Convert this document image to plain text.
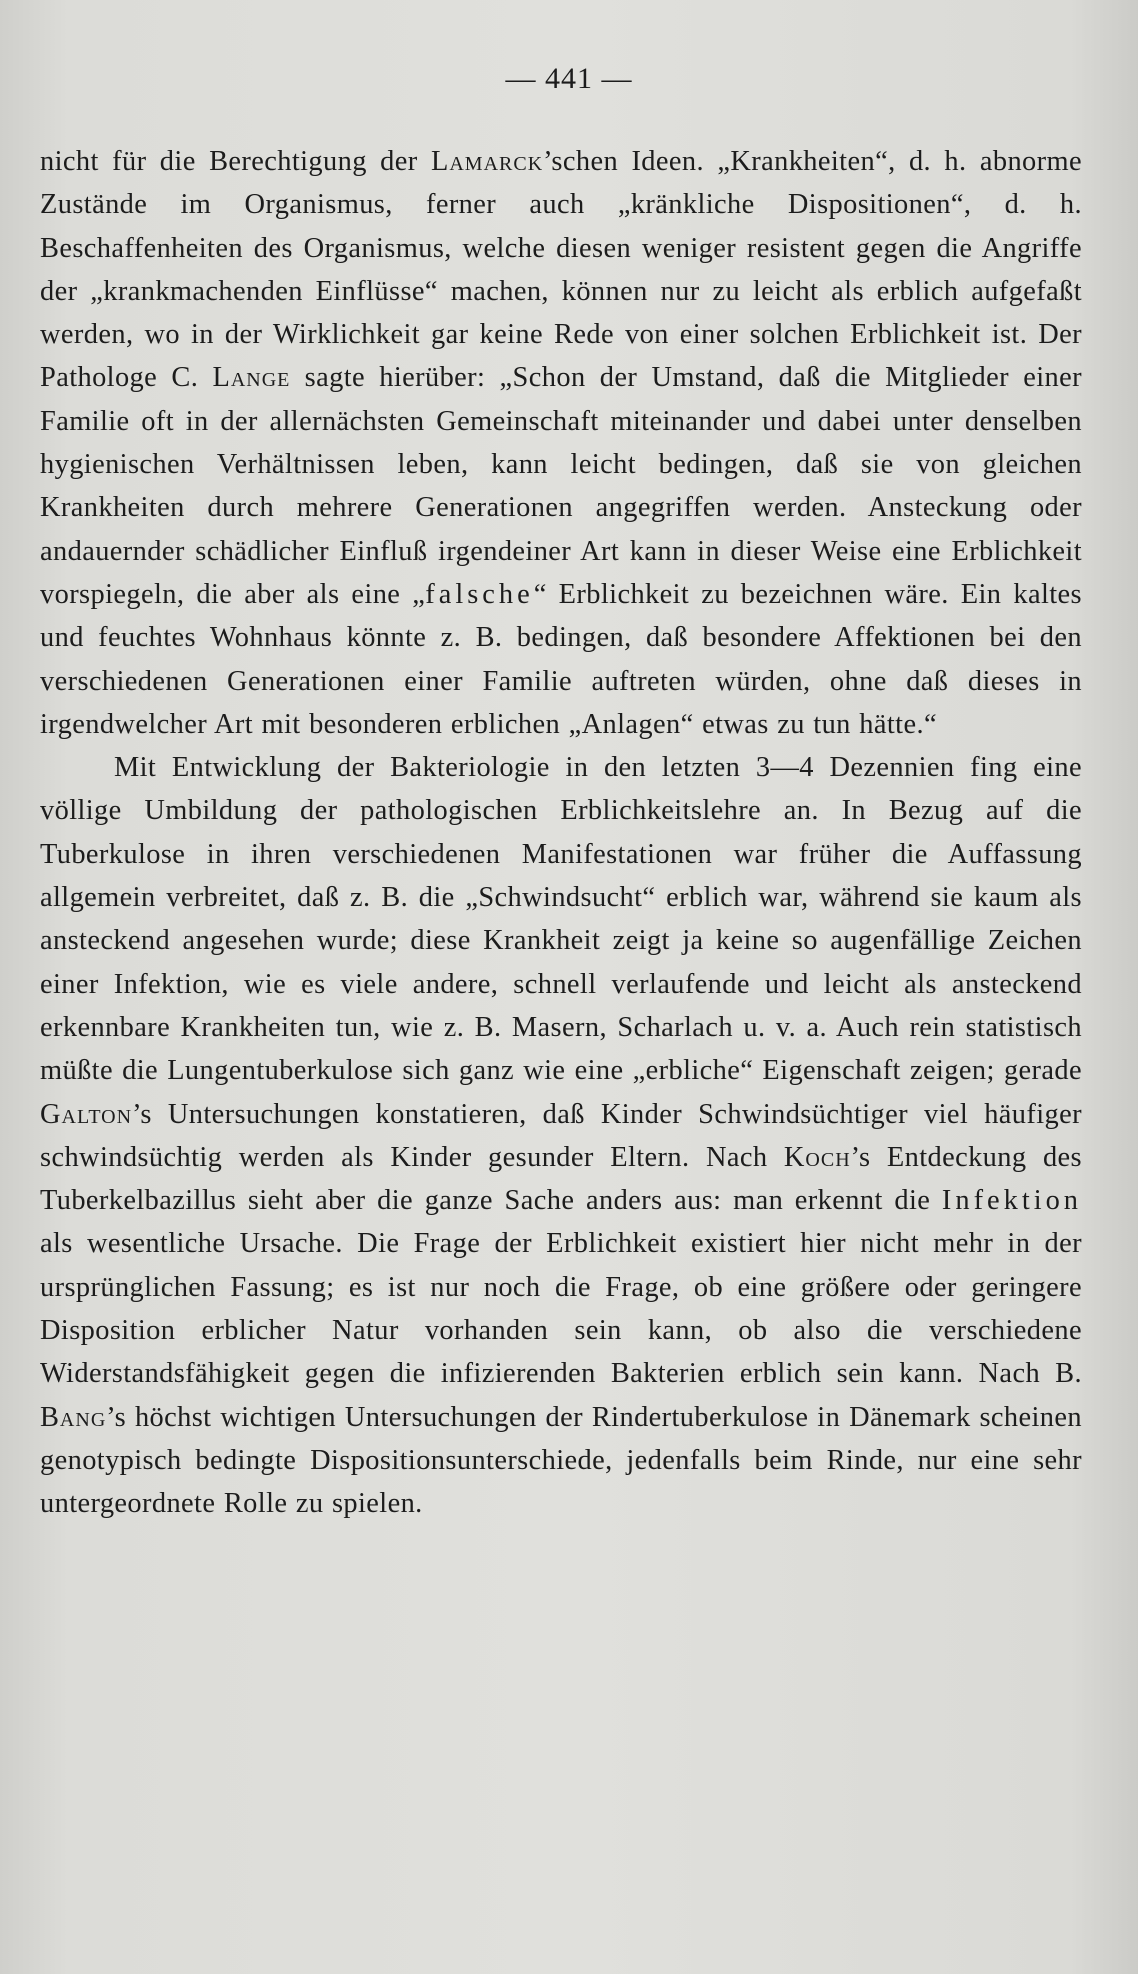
— 441 —

nicht für die Berechtigung der Lamarck’schen Ideen. „Krankheiten“, d. h. abnorme Zustände im Organismus, ferner auch „kränkliche Dispositionen“, d. h. Beschaffenheiten des Organismus, welche diesen weniger resistent gegen die Angriffe der „krankmachenden Einflüsse“ machen, können nur zu leicht als erblich aufgefaßt werden, wo in der Wirklichkeit gar keine Rede von einer solchen Erblichkeit ist. Der Pathologe C. Lange sagte hierüber: „Schon der Umstand, daß die Mitglieder einer Familie oft in der allernächsten Gemeinschaft miteinander und dabei unter denselben hygienischen Verhältnissen leben, kann leicht bedingen, daß sie von gleichen Krankheiten durch mehrere Generationen angegriffen werden. Ansteckung oder andauernder schädlicher Einfluß irgendeiner Art kann in dieser Weise eine Erblichkeit vorspiegeln, die aber als eine „falsche“ Erblichkeit zu bezeichnen wäre. Ein kaltes und feuchtes Wohnhaus könnte z. B. bedingen, daß besondere Affektionen bei den verschiedenen Generationen einer Familie auftreten würden, ohne daß dieses in irgendwelcher Art mit besonderen erblichen „Anlagen“ etwas zu tun hätte.“

Mit Entwicklung der Bakteriologie in den letzten 3—4 Dezennien fing eine völlige Umbildung der pathologischen Erblichkeitslehre an. In Bezug auf die Tuberkulose in ihren verschiedenen Manifestationen war früher die Auffassung allgemein verbreitet, daß z. B. die „Schwindsucht“ erblich war, während sie kaum als ansteckend angesehen wurde; diese Krankheit zeigt ja keine so augenfällige Zeichen einer Infektion, wie es viele andere, schnell verlaufende und leicht als ansteckend erkennbare Krankheiten tun, wie z. B. Masern, Scharlach u. v. a. Auch rein statistisch müßte die Lungentuberkulose sich ganz wie eine „erbliche“ Eigenschaft zeigen; gerade Galton’s Untersuchungen konstatieren, daß Kinder Schwindsüchtiger viel häufiger schwindsüchtig werden als Kinder gesunder Eltern. Nach Koch’s Entdeckung des Tuberkelbazillus sieht aber die ganze Sache anders aus: man erkennt die Infektion als wesentliche Ursache. Die Frage der Erblichkeit existiert hier nicht mehr in der ursprünglichen Fassung; es ist nur noch die Frage, ob eine größere oder geringere Disposition erblicher Natur vorhanden sein kann, ob also die verschiedene Widerstandsfähigkeit gegen die infizierenden Bakterien erblich sein kann. Nach B. Bang’s höchst wichtigen Untersuchungen der Rindertuberkulose in Dänemark scheinen genotypisch bedingte Dispositionsunterschiede, jedenfalls beim Rinde, nur eine sehr untergeordnete Rolle zu spielen.
